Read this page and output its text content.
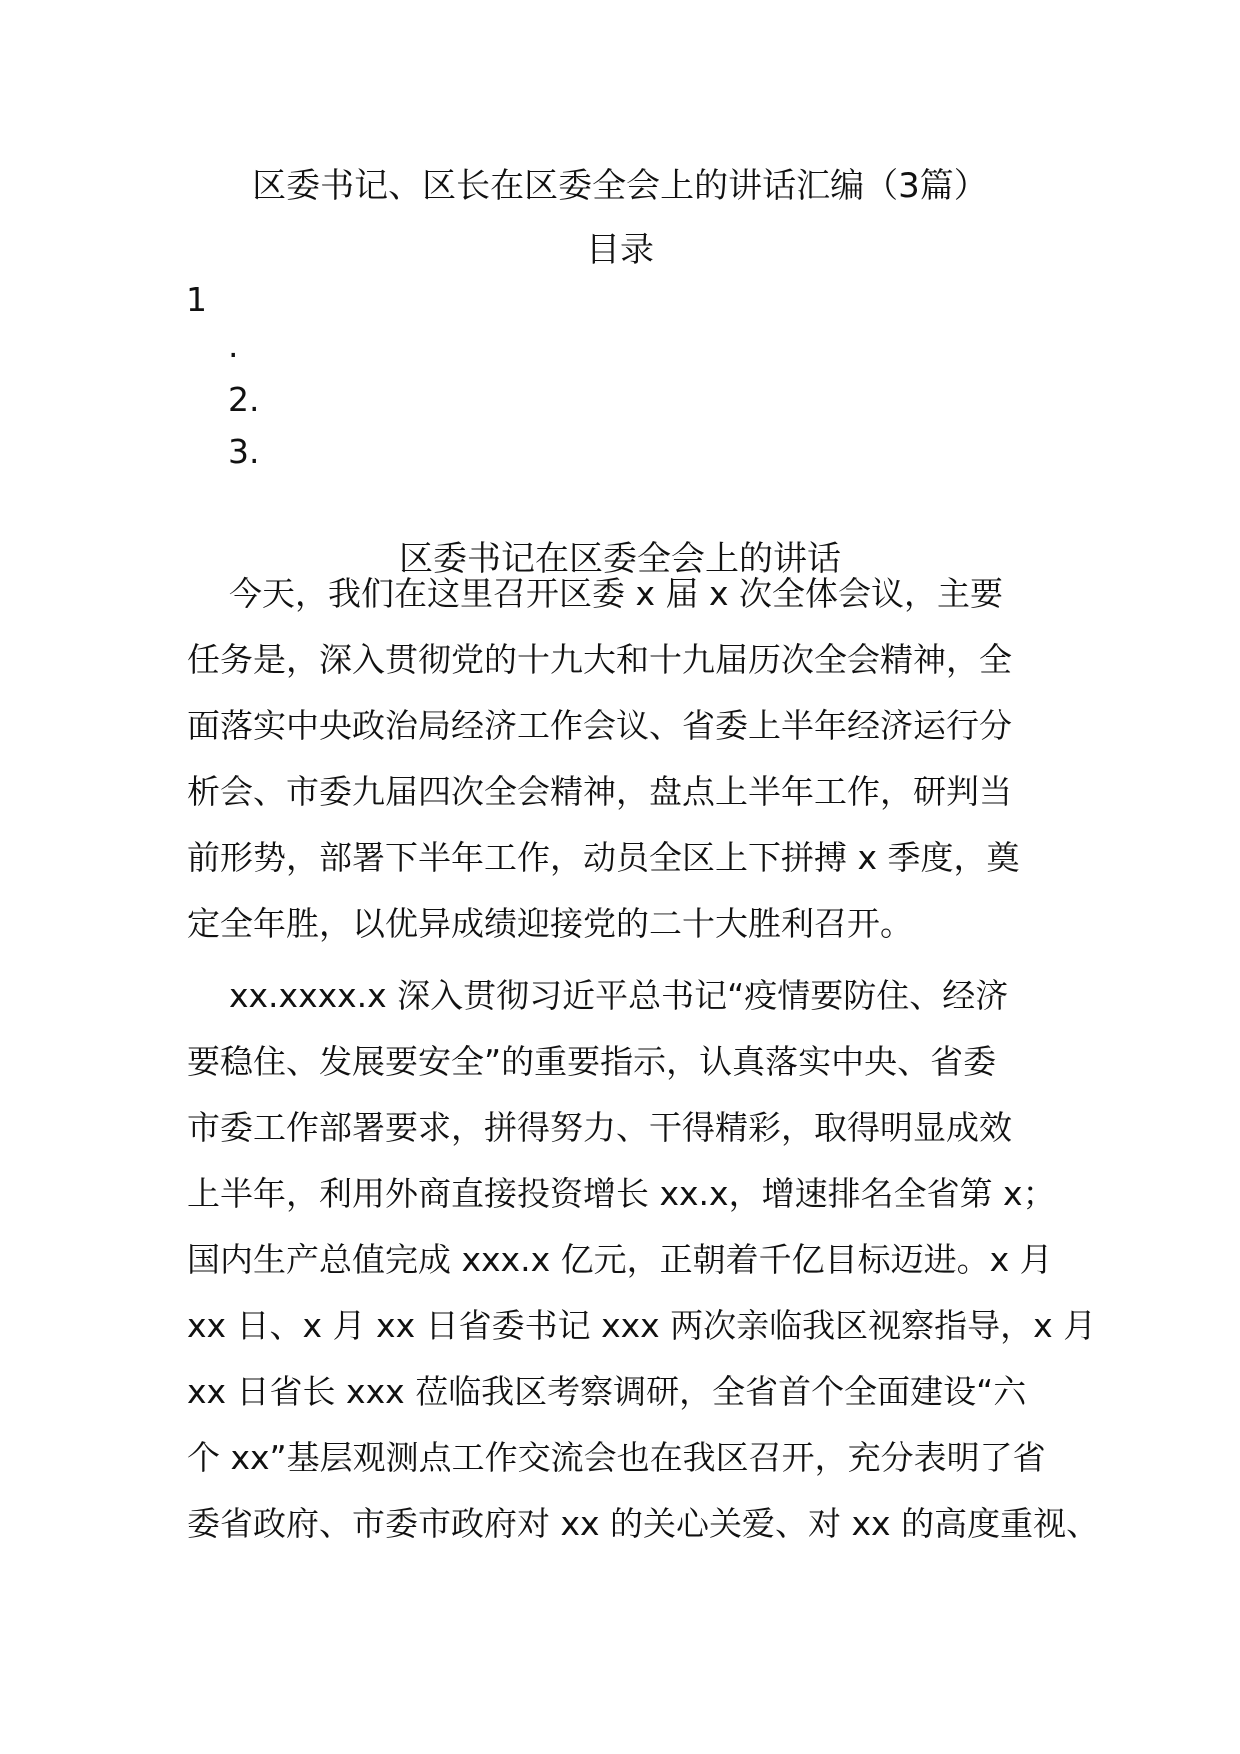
区委书记、区长在区委全会上的讲话汇编（3篇）
目录
1
.
2.
3.
区委书记在区委全会上的讲话
今天，我们在这里召开区委 x 届 x 次全体会议，主要
任务是，深入贯彻党的十九大和十九届历次全会精神，全
面落实中央政治局经济工作会议、省委上半年经济运行分
析会、市委九届四次全会精神，盘点上半年工作，研判当
前形势，部署下半年工作，动员全区上下拼搏 x 季度，奠
定全年胜，以优异成绩迎接党的二十大胜利召开。
xx.xxxx.x 深入贯彻习近平总书记“疫情要防住、经济
要稳住、发展要安全”的重要指示，认真落实中央、省委
市委工作部署要求，拼得努力、干得精彩，取得明显成效
上半年，利用外商直接投资增长 xx.x，增速排名全省第 x；
国内生产总值完成 xxx.x 亿元，正朝着千亿目标迈进。x 月
xx 日、x 月 xx 日省委书记 xxx 两次亲临我区视察指导，x 月
xx 日省长 xxx 莅临我区考察调研，全省首个全面建设“六
个 xx”基层观测点工作交流会也在我区召开，充分表明了省
委省政府、市委市政府对 xx 的关心关爱、对 xx 的高度重视、
